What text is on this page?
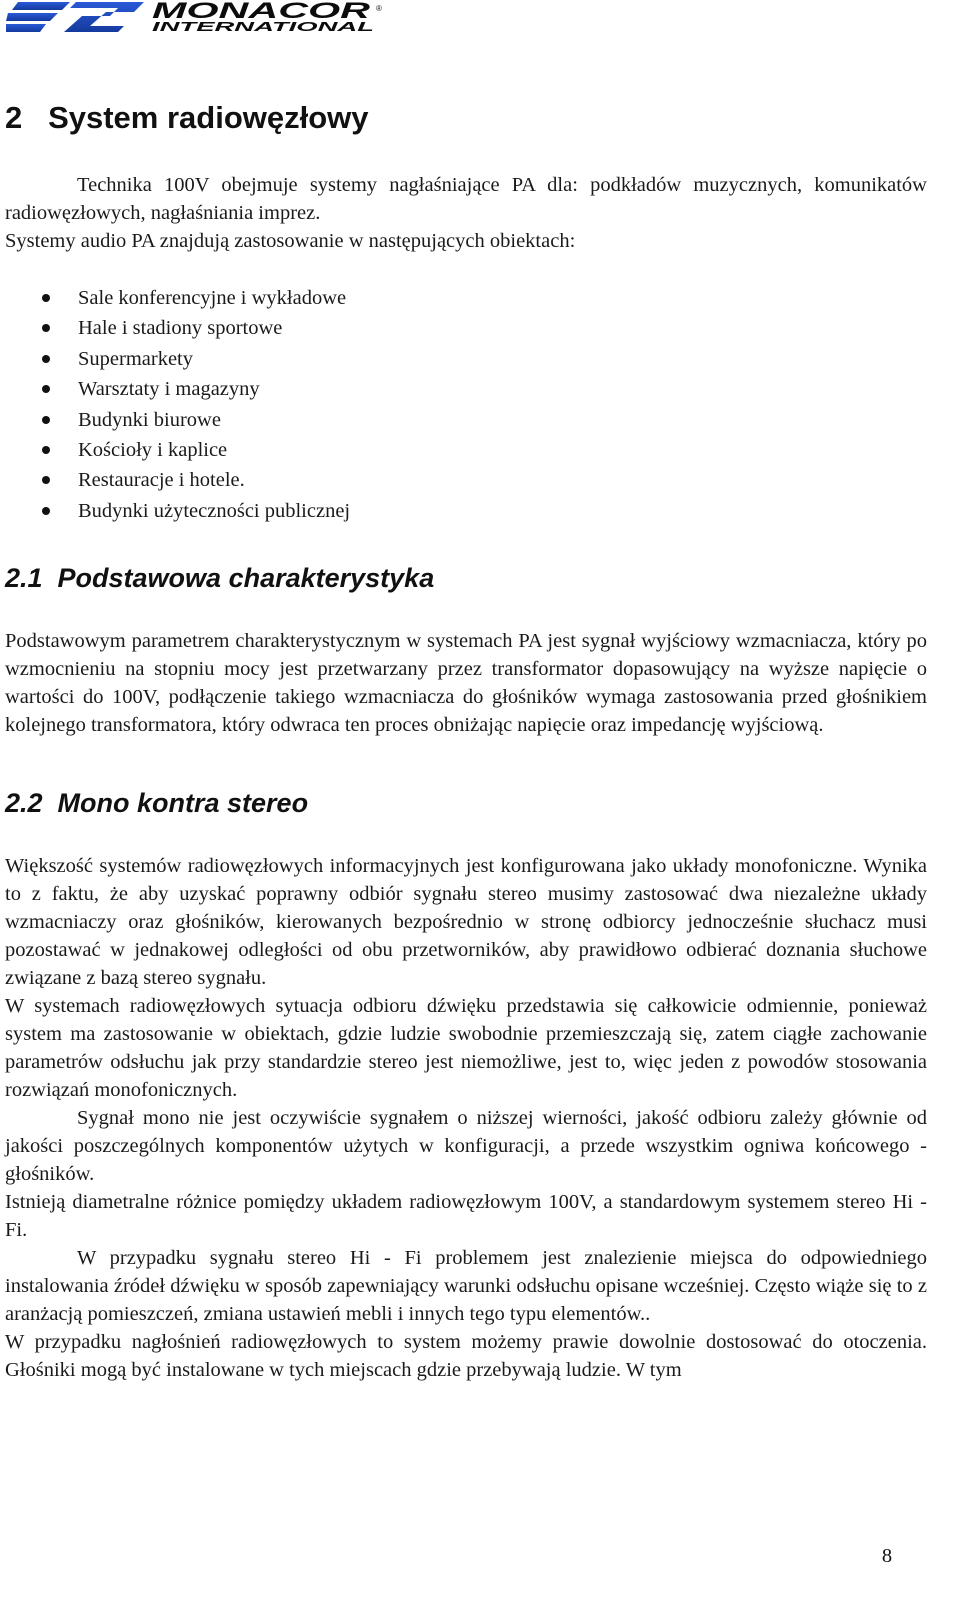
MONACOR ®
INTERNATIONAL
2   System radiowęzłowy

Technika 100V obejmuje systemy nagłaśniające PA dla: podkładów muzycznych, komunikatów radiowęzłowych, nagłaśniania imprez.

Systemy audio PA znajdują zastosowanie w następujących obiektach:

Sale konferencyjne i wykładowe
Hale i stadiony sportowe
Supermarkety
Warsztaty i magazyny
Budynki biurowe
Kościoły i kaplice
Restauracje i hotele.
Budynki użyteczności publicznej
2.1  Podstawowa charakterystyka

Podstawowym parametrem charakterystycznym w systemach PA jest sygnał wyjściowy wzmacniacza, który po wzmocnieniu na stopniu mocy jest przetwarzany przez transformator dopasowujący na wyższe napięcie o wartości do 100V, podłączenie takiego wzmacniacza do głośników wymaga zastosowania przed głośnikiem kolejnego transformatora, który odwraca ten proces obniżając napięcie oraz impedancję wyjściową.

2.2  Mono kontra stereo

Większość systemów radiowęzłowych informacyjnych jest konfigurowana jako układy monofoniczne. Wynika to z faktu, że aby uzyskać poprawny odbiór sygnału stereo musimy zastosować dwa niezależne układy wzmacniaczy oraz głośników, kierowanych bezpośrednio w stronę odbiorcy jednocześnie słuchacz musi pozostawać w jednakowej odległości od obu przetworników, aby prawidłowo odbierać doznania słuchowe związane z bazą stereo sygnału.

W systemach radiowęzłowych sytuacja odbioru dźwięku przedstawia się całkowicie odmiennie, ponieważ system ma zastosowanie w obiektach, gdzie ludzie swobodnie przemieszczają się, zatem ciągłe zachowanie parametrów odsłuchu jak przy standardzie stereo jest niemożliwe, jest to, więc jeden z powodów stosowania rozwiązań monofonicznych.

Sygnał mono nie jest oczywiście sygnałem o niższej wierności, jakość odbioru zależy głównie od jakości poszczególnych komponentów użytych w konfiguracji, a przede wszystkim ogniwa końcowego - głośników.

Istnieją diametralne różnice pomiędzy układem radiowęzłowym 100V, a standardowym systemem stereo Hi - Fi.

W przypadku sygnału stereo Hi - Fi problemem jest znalezienie miejsca do odpowiedniego instalowania źródeł dźwięku w sposób zapewniający warunki odsłuchu opisane wcześniej. Często wiąże się to z aranżacją pomieszczeń, zmiana ustawień mebli i innych tego typu elementów..

W przypadku nagłośnień radiowęzłowych to system możemy prawie dowolnie dostosować do otoczenia. Głośniki mogą być instalowane w tych miejscach gdzie przebywają ludzie. W tym

8
